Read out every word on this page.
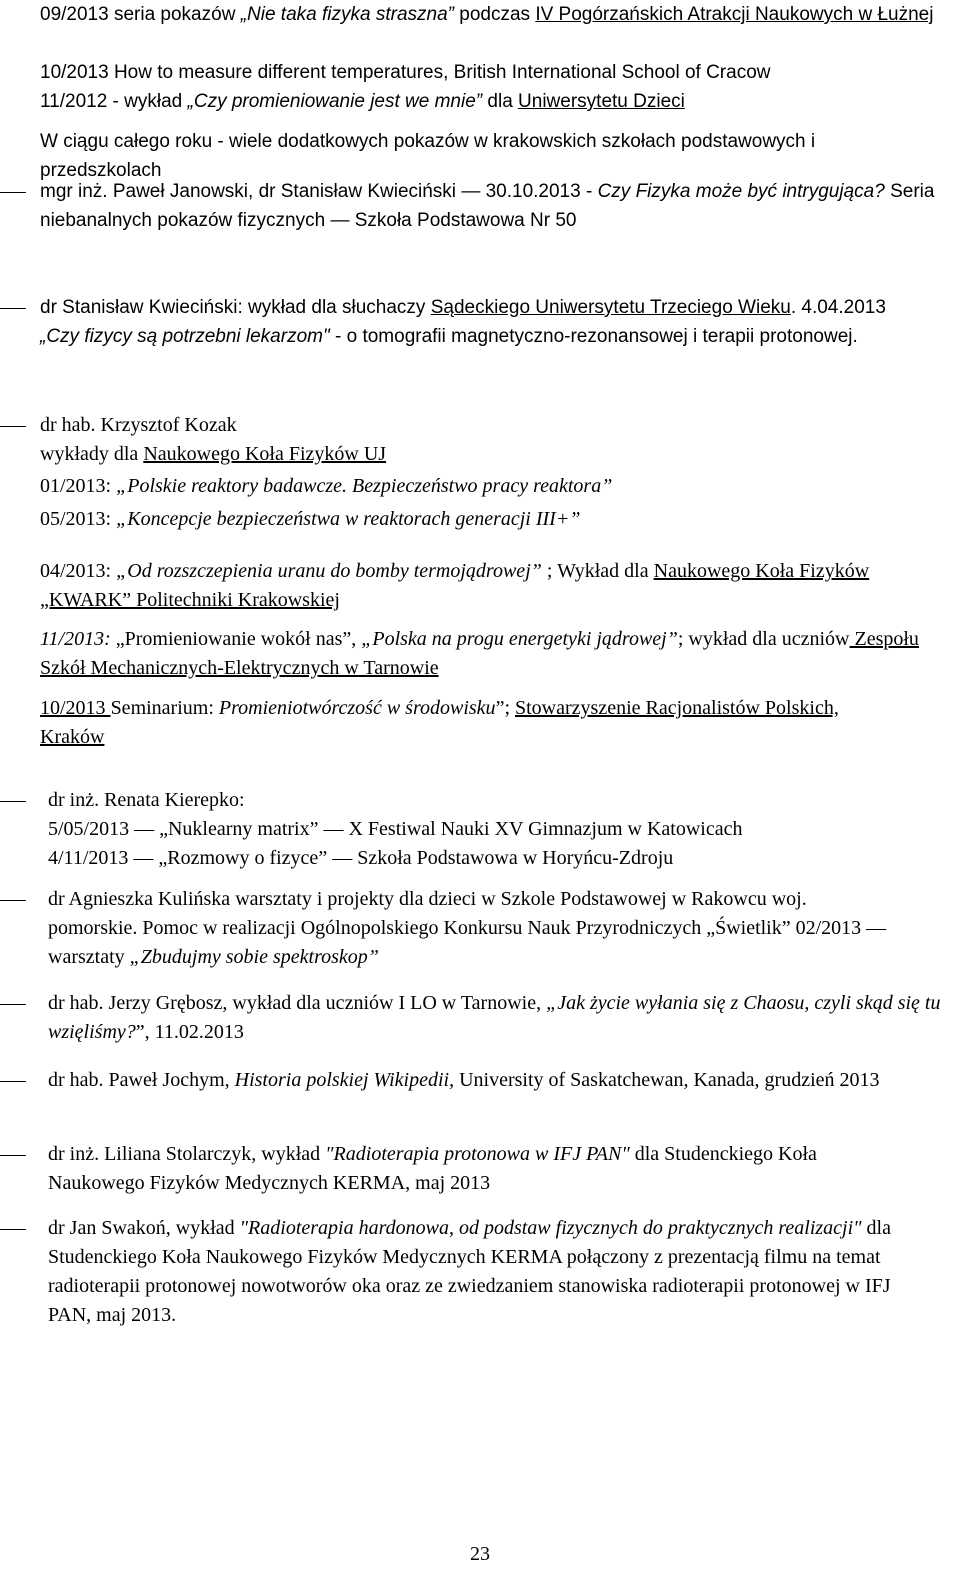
09/2013 seria pokazów „Nie taka fizyka straszna” podczas IV Pogórzańskich Atrakcji Naukowych w Łużnej

10/2013 How to measure different temperatures, British International School of Cracow

11/2012 - wykład „Czy promieniowanie jest we mnie” dla Uniwersytetu Dzieci

W ciągu całego roku - wiele dodatkowych pokazów w krakowskich szkołach podstawowych i przedszkolach

mgr inż. Paweł Janowski, dr Stanisław Kwieciński ― 30.10.2013 - Czy Fizyka może być intrygująca? Seria niebanalnych pokazów fizycznych ― Szkoła Podstawowa Nr 50

dr Stanisław Kwieciński: wykład dla słuchaczy Sądeckiego Uniwersytetu Trzeciego Wieku. 4.04.2013 „Czy fizycy są potrzebni lekarzom" - o tomografii magnetyczno-rezonansowej i terapii protonowej.

dr hab. Krzysztof Kozak

wykłady dla Naukowego Koła Fizyków UJ

01/2013: „Polskie reaktory badawcze. Bezpieczeństwo pracy reaktora”

05/2013: „Koncepcje bezpieczeństwa w reaktorach generacji III+”

04/2013: „Od rozszczepienia uranu do bomby termojądrowej” ; Wykład dla Naukowego Koła Fizyków „KWARK” Politechniki Krakowskiej

11/2013: „Promieniowanie wokół nas”, „Polska na progu energetyki jądrowej”; wykład dla uczniów Zespołu Szkół Mechanicznych-Elektrycznych w Tarnowie

10/2013 Seminarium: Promieniotwórczość w środowisku”; Stowarzyszenie Racjonalistów Polskich, Kraków

dr inż. Renata Kierepko:

5/05/2013 ― „Nuklearny matrix” ― X Festiwal Nauki XV Gimnazjum w Katowicach

4/11/2013 ― „Rozmowy o fizyce” ― Szkoła Podstawowa w Horyńcu-Zdroju

dr Agnieszka Kulińska warsztaty i projekty dla dzieci w Szkole Podstawowej w Rakowcu woj. pomorskie. Pomoc w realizacji Ogólnopolskiego Konkursu Nauk Przyrodniczych „Świetlik” 02/2013 ― warsztaty „Zbudujmy sobie spektroskop”

dr hab. Jerzy Grębosz, wykład dla uczniów I LO w Tarnowie, „Jak życie wyłania się z Chaosu, czyli skąd się tu wzięliśmy?”, 11.02.2013

dr hab. Paweł Jochym, Historia polskiej Wikipedii, University of Saskatchewan, Kanada, grudzień 2013

dr inż. Liliana Stolarczyk, wykład "Radioterapia protonowa w IFJ PAN" dla Studenckiego Koła Naukowego Fizyków Medycznych KERMA, maj 2013

dr Jan Swakoń, wykład "Radioterapia hardonowa, od podstaw fizycznych do praktycznych realizacji" dla Studenckiego Koła Naukowego Fizyków Medycznych KERMA połączony z prezentacją filmu na temat radioterapii protonowej nowotworów oka oraz ze zwiedzaniem stanowiska radioterapii protonowej w IFJ PAN, maj 2013.

23
